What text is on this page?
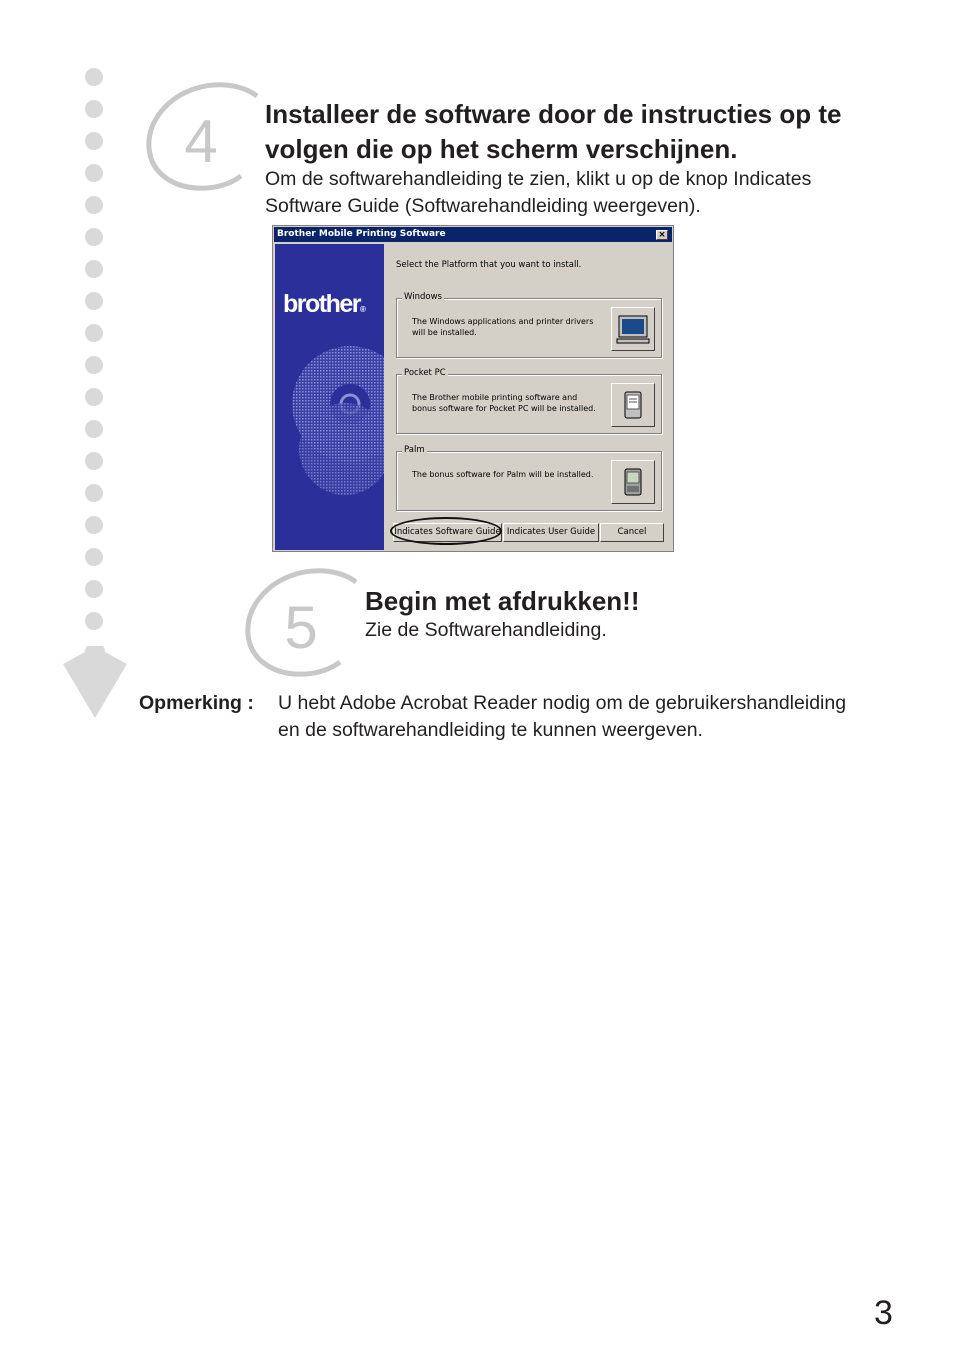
4 Installeer de software door de instructies op te
volgen die op het scherm verschijnen.

Om de softwarehandleiding te zien, klikt u op de knop Indicates
Software Guide (Softwarehandleiding weergeven).

Brother Mobile Printing Software	×
brother®
Select the Platform that you want to install.
Windows
The Windows applications and printer drivers will be installed.
Pocket PC
The Brother mobile printing software and bonus software for Pocket PC will be installed.
Palm
The bonus software for Palm will be installed.
Indicates Software Guide Indicates User Guide	Cancel
5 Begin met afdrukken!!

Zie de Softwarehandleiding.

Opmerking : U hebt Adobe Acrobat Reader nodig om de gebruikershandleiding
en de softwarehandleiding te kunnen weergeven.
3
